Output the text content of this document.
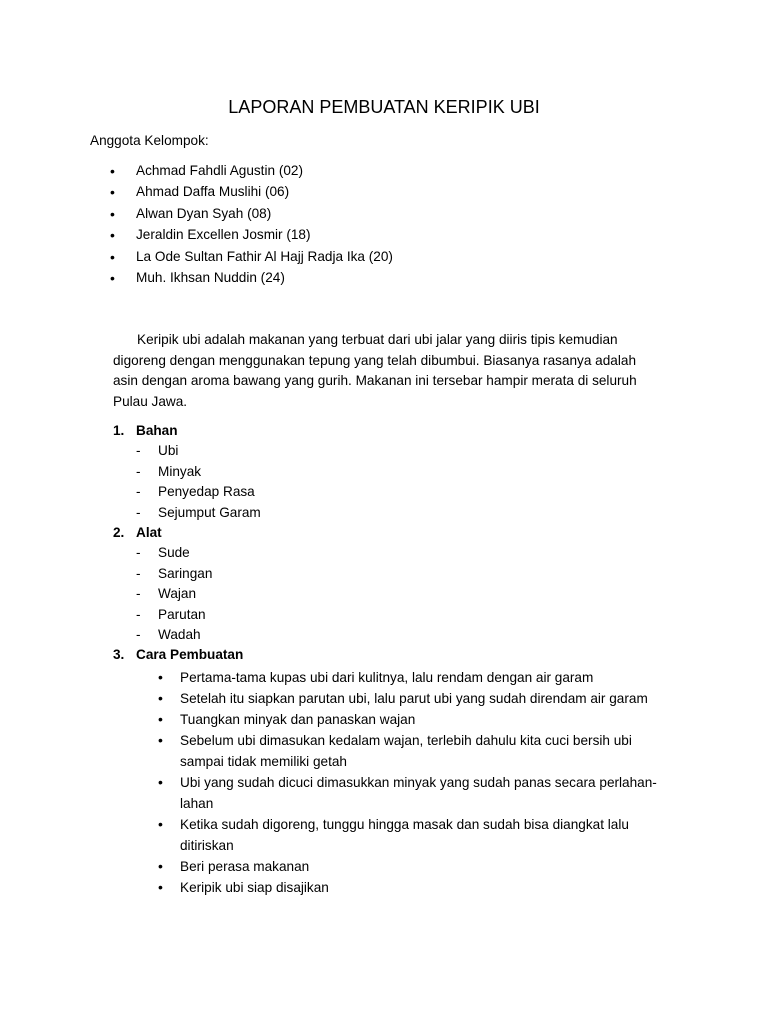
LAPORAN PEMBUATAN KERIPIK UBI

Anggota Kelompok:

•	Achmad Fahdli Agustin (02)
•	Ahmad Daffa Muslihi (06)
•	Alwan Dyan Syah (08)
•	Jeraldin Excellen Josmir (18)
•	La Ode Sultan Fathir Al Hajj Radja Ika (20)
•	Muh. Ikhsan Nuddin (24)

Keripik ubi adalah makanan yang terbuat dari ubi jalar yang diiris tipis kemudian digoreng dengan menggunakan tepung yang telah dibumbui. Biasanya rasanya adalah asin dengan aroma bawang yang gurih. Makanan ini tersebar hampir merata di seluruh Pulau Jawa.

1. Bahan
- Ubi
- Minyak
- Penyedap Rasa
- Sejumput Garam
2. Alat
- Sude
- Saringan
- Wajan
- Parutan
- Wadah
3. Cara Pembuatan
• Pertama-tama kupas ubi dari kulitnya, lalu rendam dengan air garam
• Setelah itu siapkan parutan ubi, lalu parut ubi yang sudah direndam air garam
• Tuangkan minyak dan panaskan wajan
• Sebelum ubi dimasukan kedalam wajan, terlebih dahulu kita cuci bersih ubi sampai tidak memiliki getah
• Ubi yang sudah dicuci dimasukkan minyak yang sudah panas secara perlahan-lahan
• Ketika sudah digoreng, tunggu hingga masak dan sudah bisa diangkat lalu ditiriskan
• Beri perasa makanan
• Keripik ubi siap disajikan
